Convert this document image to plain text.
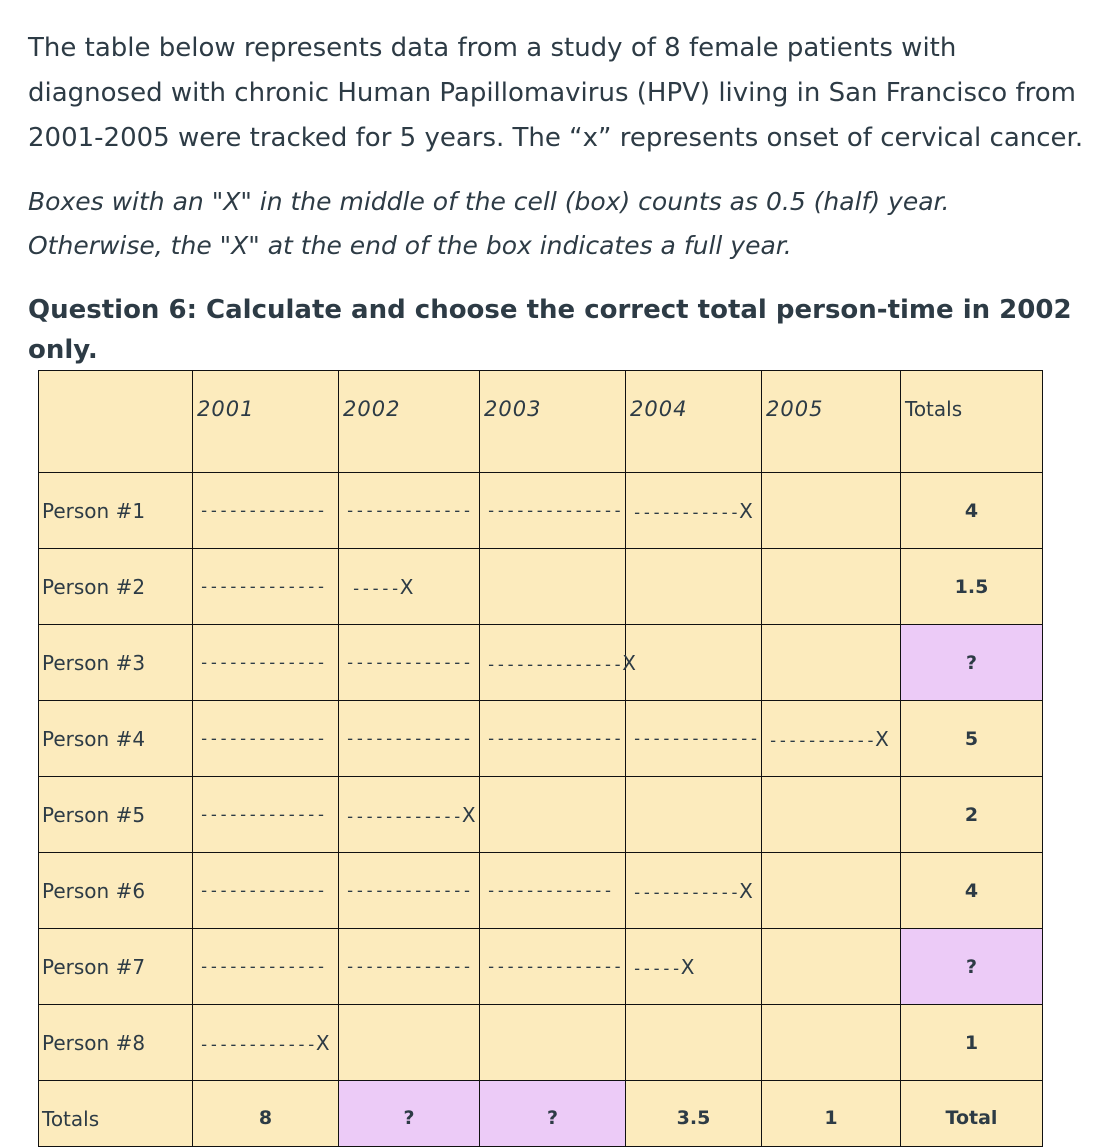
The table below represents data from a study of 8 female patients with diagnosed with chronic Human Papillomavirus (HPV) living in San Francisco from 2001-2005 were tracked for 5 years. The “x” represents onset of cervical cancer.

Boxes with an "X" in the middle of the cell (box) counts as 0.5 (half) year. Otherwise, the "X" at the end of the box indicates a full year.

Question 6: Calculate and choose the correct total person-time in 2002 only.

	2001	2002	2003	2004	2005	Totals
Person #1	-------------	-------------	--------------	-----------X		4
Person #2	-------------	-----X				1.5
Person #3	-------------	-------------	--------------X			?
Person #4	-------------	-------------	--------------	-------------	-----------X	5
Person #5	-------------	------------X				2
Person #6	-------------	-------------	-------------	-----------X		4
Person #7	-------------	-------------	--------------	-----X		?
Person #8	------------X					1
Totals	8	?	?	3.5	1	Total
